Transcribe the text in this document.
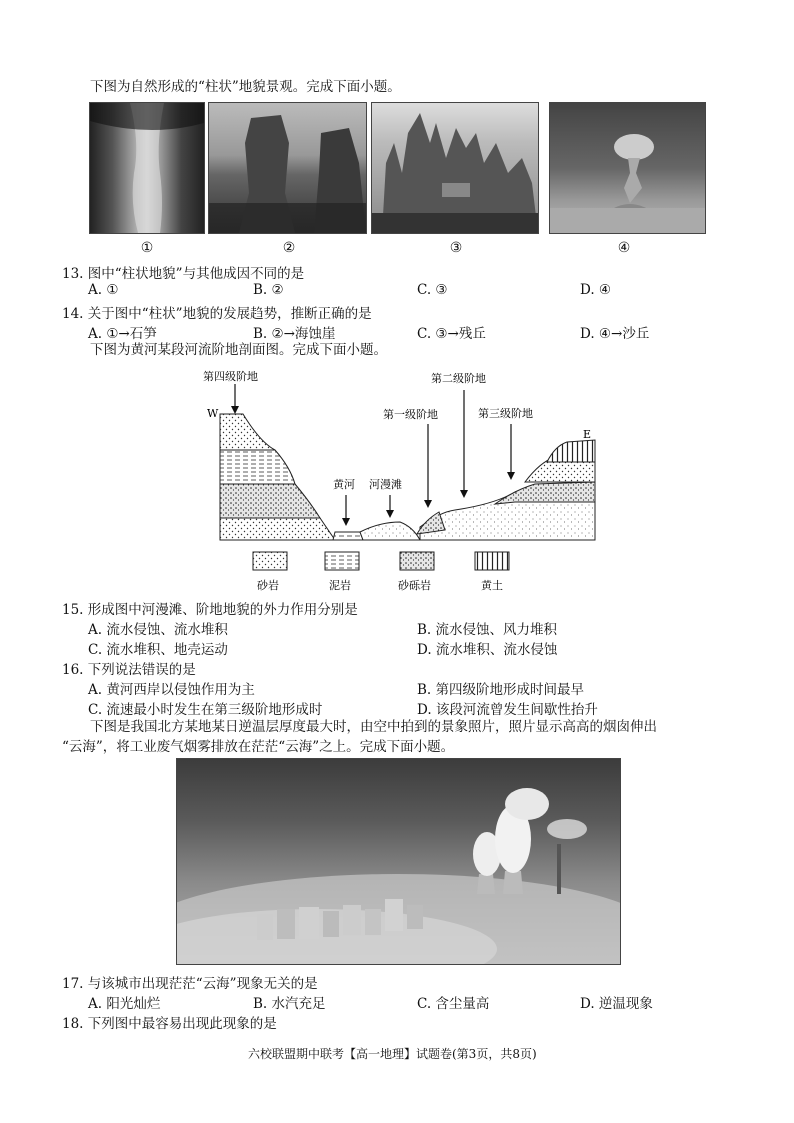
下图为自然形成的“柱状”地貌景观。完成下面小题。
①	②	③	④
13. 图中“柱状地貌”与其他成因不同的是
A. ①	B. ②	C. ③	D. ④
14. 关于图中“柱状”地貌的发展趋势，推断正确的是
A. ①→石笋	B. ②→海蚀崖	C. ③→残丘	D. ④→沙丘
下图为黄河某段河流阶地剖面图。完成下面小题。
第四级阶地
W
E
第二级阶地
第一级阶地	第三级阶地
黄河 河漫滩
砂岩	泥岩	砂砾岩	黄土
15. 形成图中河漫滩、阶地地貌的外力作用分别是
A. 流水侵蚀、流水堆积	B. 流水侵蚀、风力堆积
C. 流水堆积、地壳运动	D. 流水堆积、流水侵蚀
16. 下列说法错误的是
A. 黄河西岸以侵蚀作用为主	B. 第四级阶地形成时间最早
C. 流速最小时发生在第三级阶地形成时	D. 该段河流曾发生间歇性抬升
下图是我国北方某地某日逆温层厚度最大时，由空中拍到的景象照片，照片显示高高的烟囱伸出
“云海”，将工业废气烟雾排放在茫茫“云海”之上。完成下面小题。
17. 与该城市出现茫茫“云海”现象无关的是
A. 阳光灿烂	B. 水汽充足	C. 含尘量高	D. 逆温现象
18. 下列图中最容易出现此现象的是
六校联盟期中联考【高一地理】试题卷(第3页，共8页)
